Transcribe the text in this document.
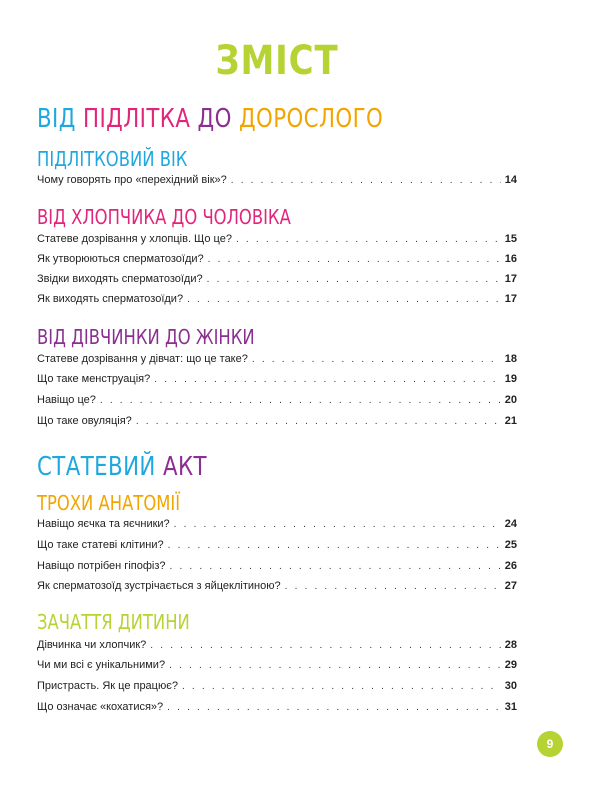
ЗМІСТ
ВІД ПІДЛІТКА ДО ДОРОСЛОГО
ПІДЛІТКОВИЙ ВІК
Чому говорять про «перехідний вік»? . . .	14
ВІД ХЛОПЧИКА ДО ЧОЛОВІКА
Статеве дозрівання у хлопців. Що це? . . .	15
Як утворюються сперматозоїди? . . .	16
Звідки виходять сперматозоїди? . . .	17
Як виходять сперматозоїди? . . .	17
ВІД ДІВЧИНКИ ДО ЖІНКИ
Статеве дозрівання у дівчат: що це таке? . . .	18
Що таке менструація? . . .	19
Навіщо це? . . .	20
Що таке овуляція? . . .	21
СТАТЕВИЙ АКТ
ТРОХИ АНАТОМІЇ
Навіщо яєчка та яєчники? . . .	24
Що таке статеві клітини? . . .	25
Навіщо потрібен гіпофіз? . . .	26
Як сперматозоїд зустрічається з яйцеклітиною? . . .	27
ЗАЧАТТЯ ДИТИНИ
Дівчинка чи хлопчик? . . .	28
Чи ми всі є унікальними? . . .	29
Пристрасть. Як це працює? . . .	30
Що означає «кохатися»? . . .	31
9
